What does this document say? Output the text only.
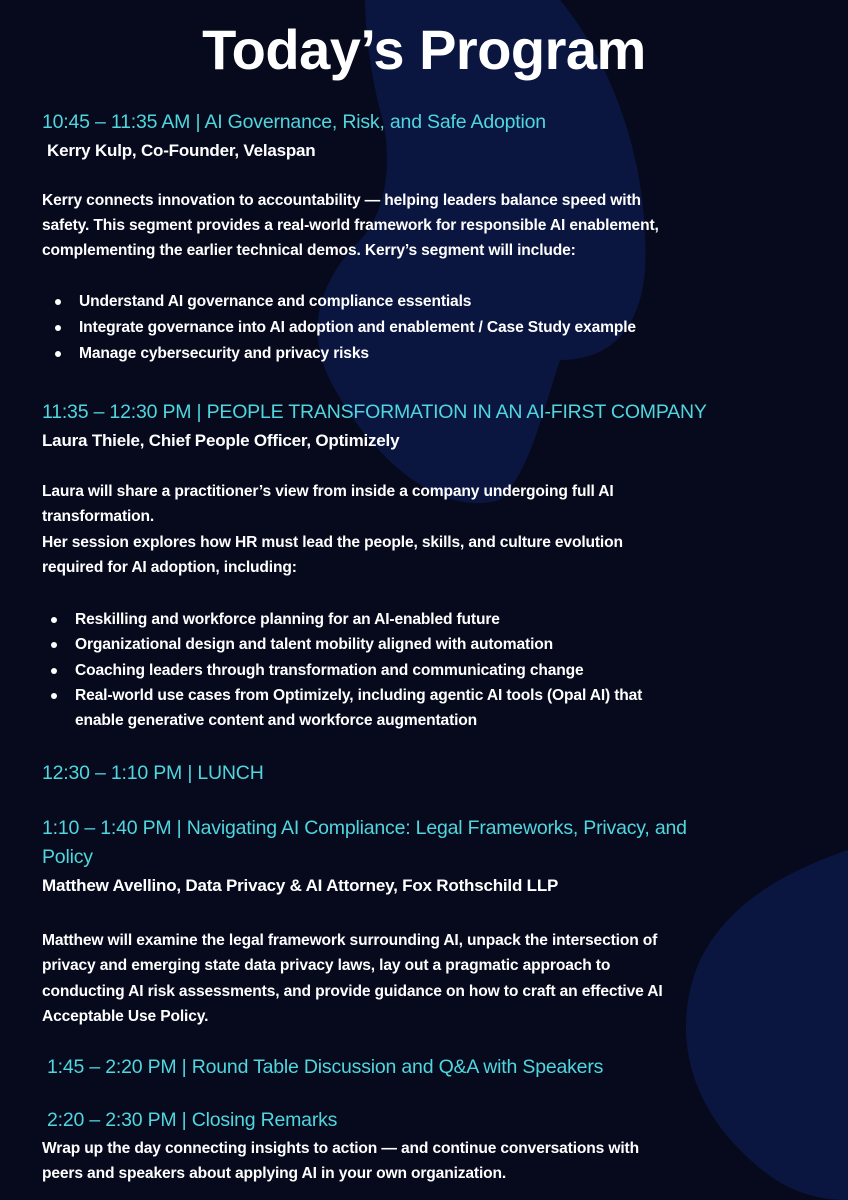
Today’s Program
10:45 – 11:35 AM | AI Governance, Risk, and Safe Adoption
Kerry Kulp, Co-Founder, Velaspan
Kerry connects innovation to accountability — helping leaders balance speed with
safety. This segment provides a real-world framework for responsible AI enablement,
complementing the earlier technical demos. Kerry’s segment will include:
Understand AI governance and compliance essentials
Integrate governance into AI adoption and enablement / Case Study example
Manage cybersecurity and privacy risks
11:35 – 12:30 PM | PEOPLE TRANSFORMATION IN AN AI-FIRST COMPANY
Laura Thiele, Chief People Officer, Optimizely
Laura will share a practitioner’s view from inside a company undergoing full AI
transformation.
Her session explores how HR must lead the people, skills, and culture evolution
required for AI adoption, including:
Reskilling and workforce planning for an AI-enabled future
Organizational design and talent mobility aligned with automation
Coaching leaders through transformation and communicating change
Real-world use cases from Optimizely, including agentic AI tools (Opal AI) that
enable generative content and workforce augmentation
12:30 – 1:10 PM | LUNCH
1:10 – 1:40 PM | Navigating AI Compliance: Legal Frameworks, Privacy, and
Policy
Matthew Avellino, Data Privacy & AI Attorney, Fox Rothschild LLP
Matthew will examine the legal framework surrounding AI, unpack the intersection of
privacy and emerging state data privacy laws, lay out a pragmatic approach to
conducting AI risk assessments, and provide guidance on how to craft an effective AI
Acceptable Use Policy.
1:45 – 2:20 PM | Round Table Discussion and Q&A with Speakers
2:20 – 2:30 PM | Closing Remarks
Wrap up the day connecting insights to action — and continue conversations with
peers and speakers about applying AI in your own organization.
